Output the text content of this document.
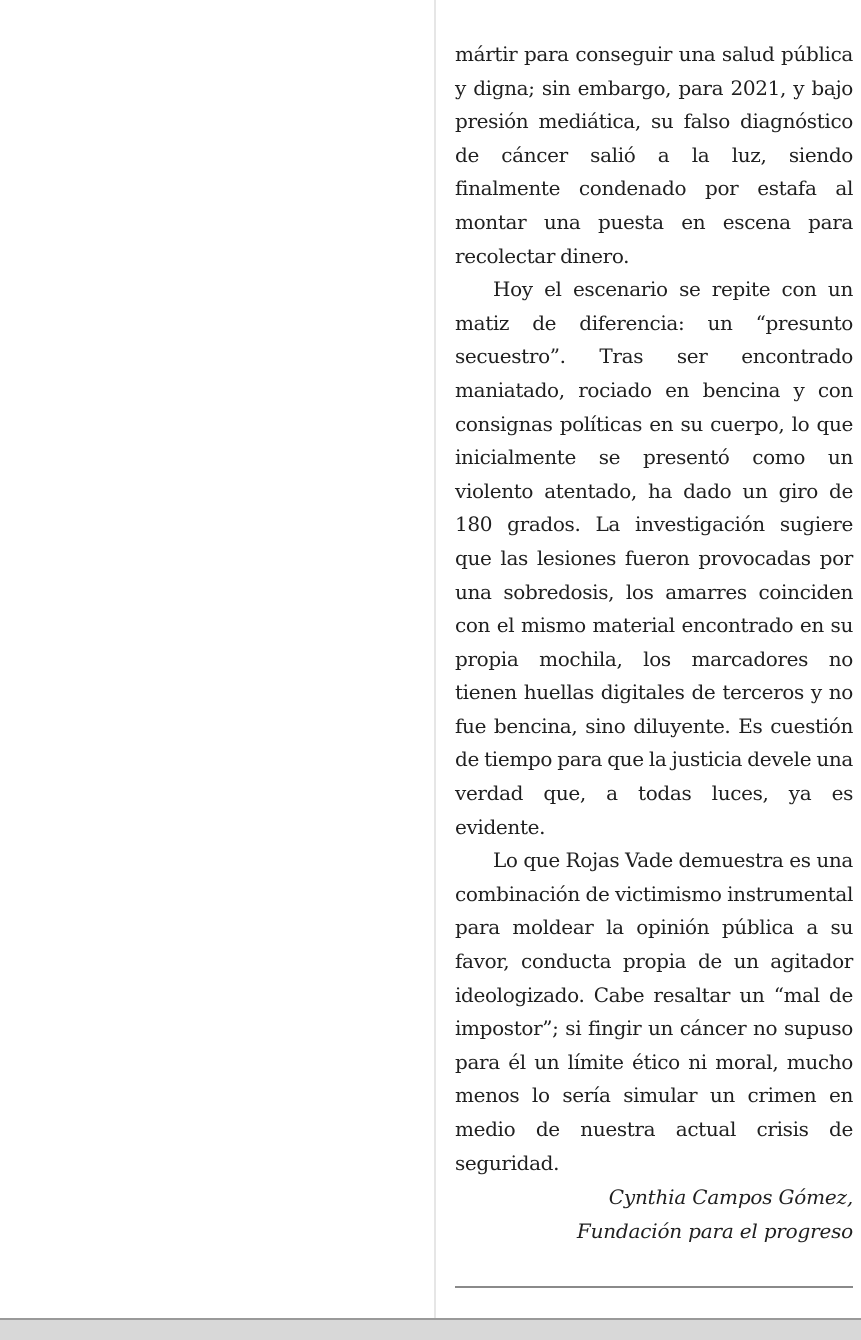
mártir para conseguir una salud pública y digna; sin embargo, para 2021, y bajo presión mediática, su falso diagnóstico de cáncer salió a la luz, siendo finalmente condenado por estafa al montar una puesta en escena para recolectar dinero.

Hoy el escenario se repite con un matiz de diferencia: un “presunto secuestro”. Tras ser encontrado maniatado, rociado en bencina y con consignas políticas en su cuerpo, lo que inicialmente se presentó como un violento atentado, ha dado un giro de 180 grados. La investigación sugiere que las lesiones fueron provocadas por una sobredosis, los amarres coinciden con el mismo material encontrado en su propia mochila, los marcadores no tienen huellas digitales de terceros y no fue bencina, sino diluyente. Es cuestión de tiempo para que la justicia devele una verdad que, a todas luces, ya es evidente.

Lo que Rojas Vade demuestra es una combinación de victimismo instrumental para moldear la opinión pública a su favor, conducta propia de un agitador ideologizado. Cabe resaltar un “mal de impostor”; si fingir un cáncer no supuso para él un límite ético ni moral, mucho menos lo sería simular un crimen en medio de nuestra actual crisis de seguridad.

Cynthia Campos Gómez,
Fundación para el progreso
